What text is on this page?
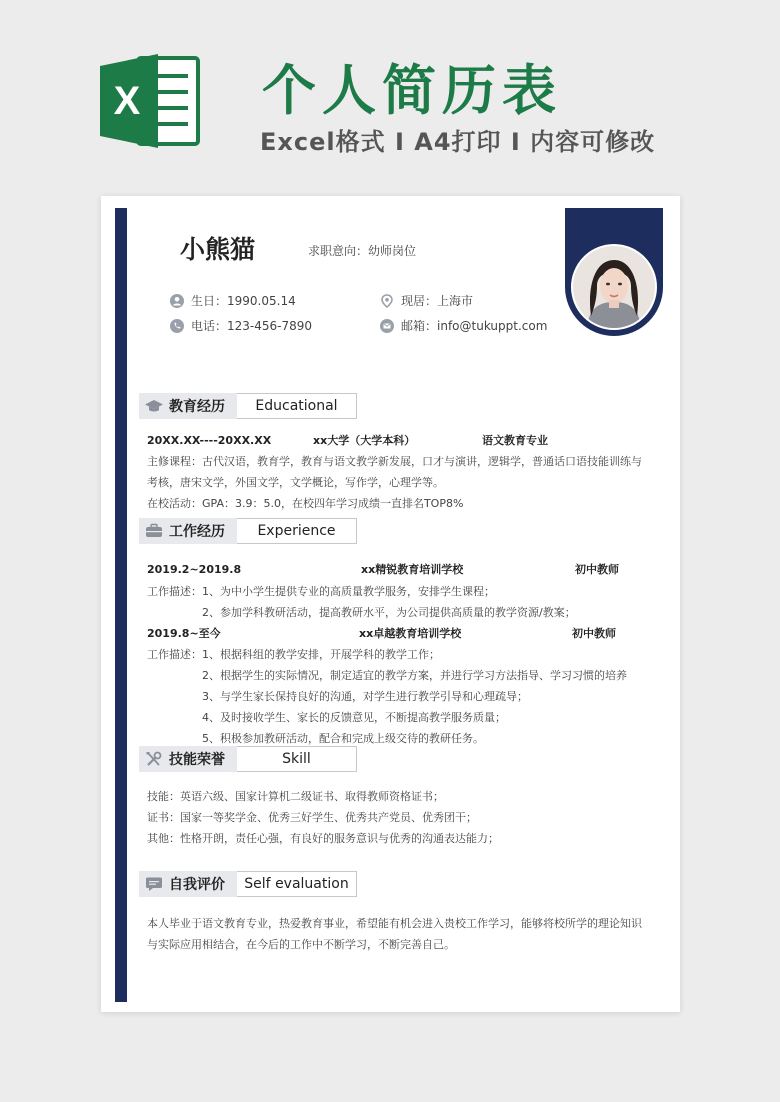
X 个人简历表
Excel格式 I A4打印 I 内容可修改
小熊猫	求职意向：幼师岗位
生日：1990.05.14	现居：上海市
电话：123-456-7890	邮箱：info@tukuppt.com
教育经历	Educational
20XX.XX----20XX.XX	xx大学（大学本科）	语文教育专业
主修课程：古代汉语，教育学，教育与语文教学新发展，口才与演讲，逻辑学，普通话口语技能训练与
考核，唐宋文学，外国文学，文学概论，写作学，心理学等。
在校活动：GPA：3.9：5.0，在校四年学习成绩一直排名TOP8%
工作经历	Experience
2019.2~2019.8	xx精锐教育培训学校	初中教师
工作描述：1、为中小学生提供专业的高质量教学服务，安排学生课程；
2、参加学科教研活动，提高教研水平，为公司提供高质量的教学资源/教案；
2019.8~至今	xx卓越教育培训学校	初中教师
工作描述：1、根据科组的教学安排，开展学科的教学工作；
2、根据学生的实际情况，制定适宜的教学方案，并进行学习方法指导、学习习惯的培养
3、与学生家长保持良好的沟通，对学生进行教学引导和心理疏导；
4、及时接收学生、家长的反馈意见，不断提高教学服务质量；
5、积极参加教研活动，配合和完成上级交待的教研任务。
技能荣誉	Skill
技能：英语六级、国家计算机二级证书、取得教师资格证书；
证书：国家一等奖学金、优秀三好学生、优秀共产党员、优秀团干；
其他：性格开朗，责任心强，有良好的服务意识与优秀的沟通表达能力；
自我评价	Self evaluation
本人毕业于语文教育专业，热爱教育事业，希望能有机会进入贵校工作学习，能够将校所学的理论知识
与实际应用相结合，在今后的工作中不断学习，不断完善自己。
